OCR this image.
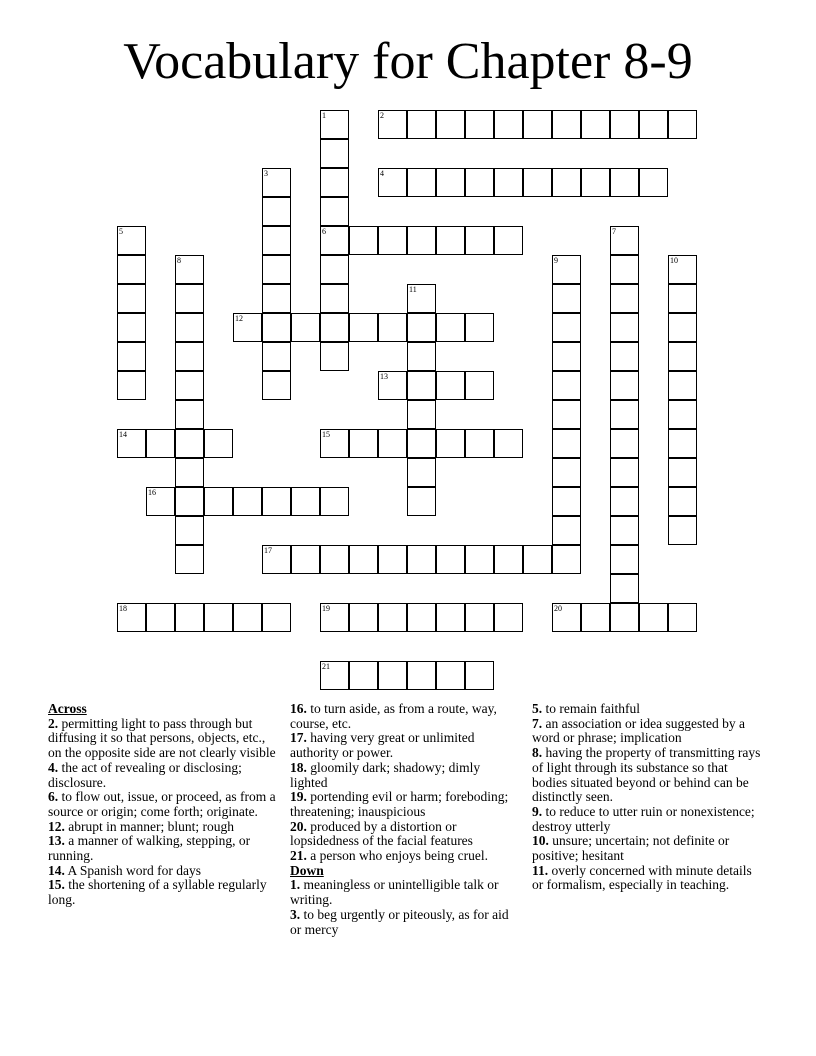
Vocabulary for Chapter 8-9
2
4
6
12
13
14	15
16
17
18	19	20
21
1
3
5	7
8	9	10
11
Across
2. permitting light to pass through but diffusing it so that persons, objects, etc., on the opposite side are not clearly visible
4. the act of revealing or disclosing; disclosure.
6. to flow out, issue, or proceed, as from a source or origin; come forth; originate.
12. abrupt in manner; blunt; rough
13. a manner of walking, stepping, or running.
14. A Spanish word for days
15. the shortening of a syllable regularly long.
16. to turn aside, as from a route, way, course, etc.
17. having very great or unlimited authority or power.
18. gloomily dark; shadowy; dimly lighted
19. portending evil or harm; foreboding; threatening; inauspicious
20. produced by a distortion or lopsidedness of the facial features
21. a person who enjoys being cruel.
Down
1. meaningless or unintelligible talk or writing.
3. to beg urgently or piteously, as for aid or mercy
5. to remain faithful
7. an association or idea suggested by a word or phrase; implication
8. having the property of transmitting rays of light through its substance so that bodies situated beyond or behind can be distinctly seen.
9. to reduce to utter ruin or nonexistence; destroy utterly
10. unsure; uncertain; not definite or positive; hesitant
11. overly concerned with minute details or formalism, especially in teaching.
